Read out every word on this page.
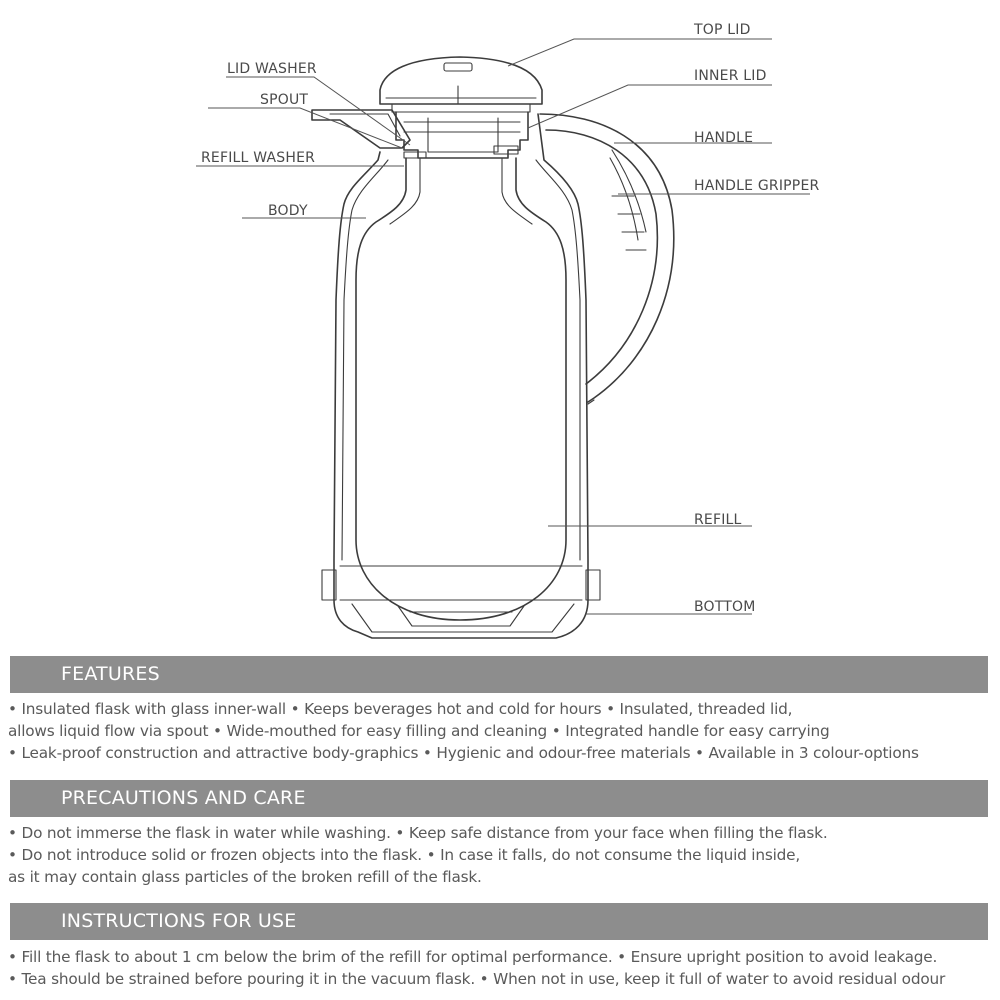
TOP LID
LID WASHER	INNER LID
SPOUT
HANDLE
REFILL WASHER
HANDLE GRIPPER
BODY
REFILL
BOTTOM
FEATURES
• Insulated flask with glass inner-wall • Keeps beverages hot and cold for hours • Insulated, threaded lid,
allows liquid flow via spout • Wide-mouthed for easy filling and cleaning • Integrated handle for easy carrying
• Leak-proof construction and attractive body-graphics • Hygienic and odour-free materials • Available in 3 colour-options
PRECAUTIONS AND CARE
• Do not immerse the flask in water while washing. • Keep safe distance from your face when filling the flask.
• Do not introduce solid or frozen objects into the flask. • In case it falls, do not consume the liquid inside,
as it may contain glass particles of the broken refill of the flask.
INSTRUCTIONS FOR USE
• Fill the flask to about 1 cm below the brim of the refill for optimal performance. • Ensure upright position to avoid leakage.
• Tea should be strained before pouring it in the vacuum flask. • When not in use, keep it full of water to avoid residual odour
